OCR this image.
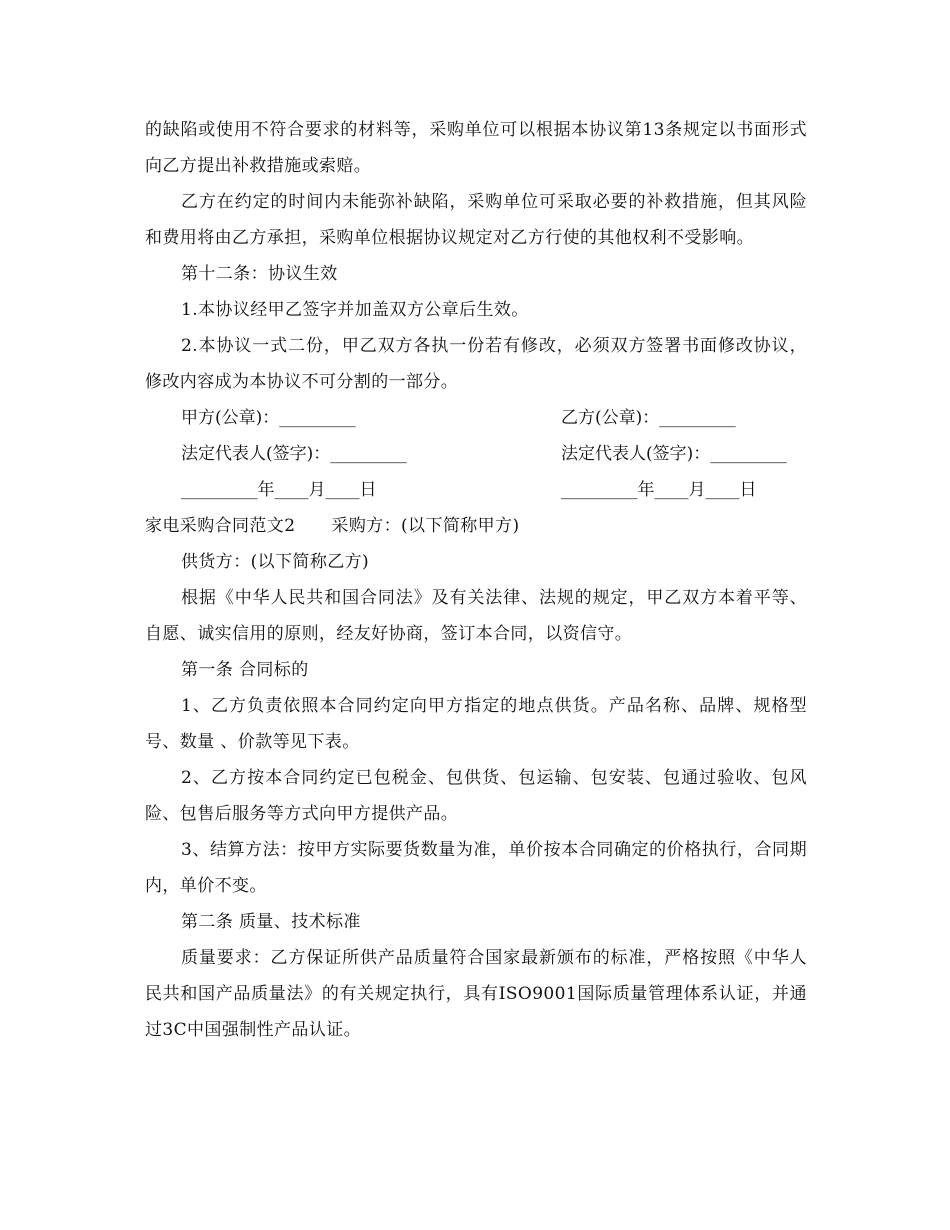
的缺陷或使用不符合要求的材料等，采购单位可以根据本协议第13条规定以书面形式向乙方提出补救措施或索赔。

乙方在约定的时间内未能弥补缺陷，采购单位可采取必要的补救措施，但其风险和费用将由乙方承担，采购单位根据协议规定对乙方行使的其他权利不受影响。

第十二条：协议生效

1.本协议经甲乙签字并加盖双方公章后生效。

2.本协议一式二份，甲乙双方各执一份若有修改，必须双方签署书面修改协议，修改内容成为本协议不可分割的一部分。

甲方(公章)：_________	乙方(公章)：_________
法定代表人(签字)：_________	法定代表人(签字)：_________
_________年____月____日	_________年____月____日

家电采购合同范文2 采购方：(以下简称甲方)

供货方：(以下简称乙方)

根据《中华人民共和国合同法》及有关法律、法规的规定，甲乙双方本着平等、自愿、诚实信用的原则，经友好协商，签订本合同，以资信守。

第一条 合同标的

1、乙方负责依照本合同约定向甲方指定的地点供货。产品名称、品牌、规格型号、数量 、价款等见下表。

2、乙方按本合同约定已包税金、包供货、包运输、包安装、包通过验收、包风险、包售后服务等方式向甲方提供产品。

3、结算方法：按甲方实际要货数量为准，单价按本合同确定的价格执行，合同期内，单价不变。

第二条 质量、技术标准

质量要求：乙方保证所供产品质量符合国家最新颁布的标准，严格按照《中华人民共和国产品质量法》的有关规定执行，具有ISO9001国际质量管理体系认证，并通过3C中国强制性产品认证。
